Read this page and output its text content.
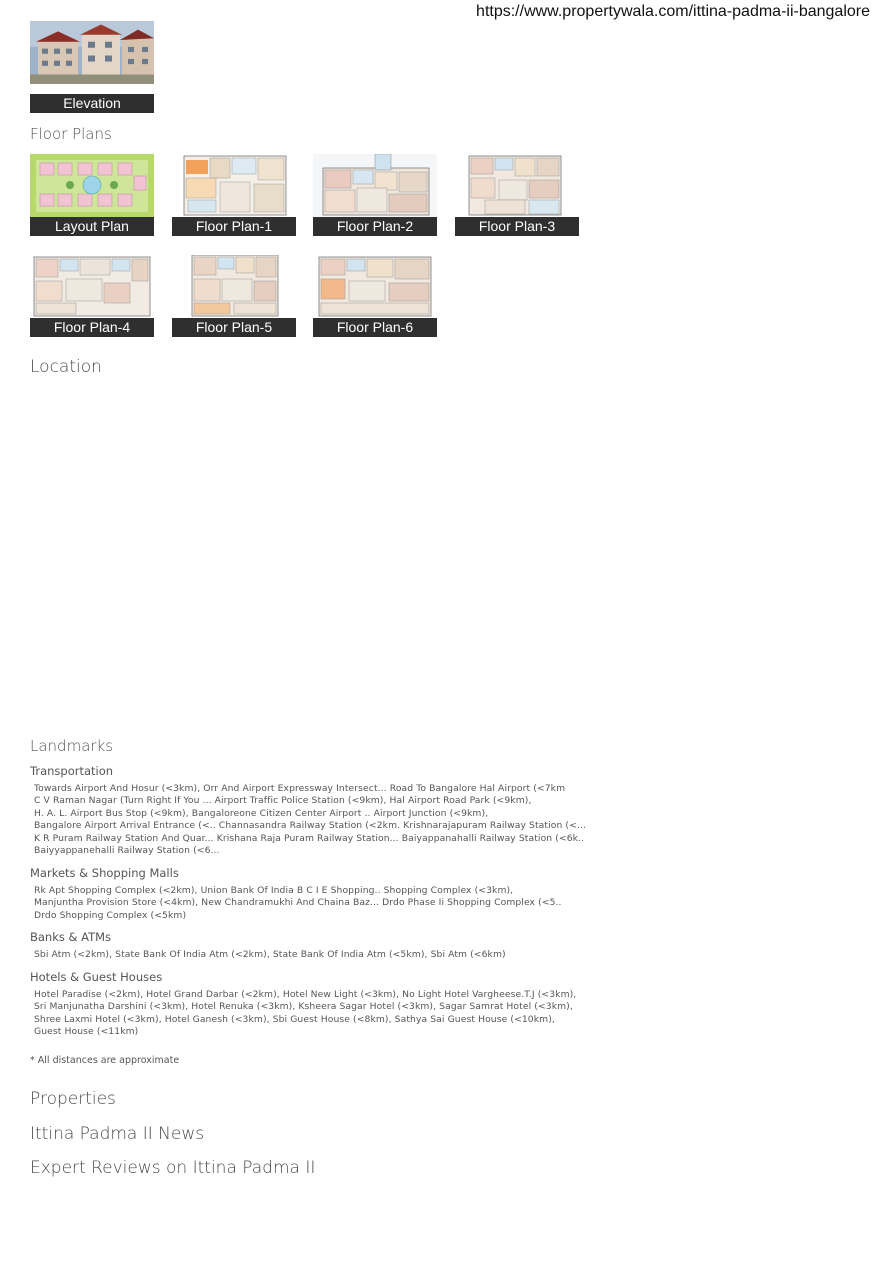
https://www.propertywala.com/ittina-padma-ii-bangalore
Elevation
Floor Plans
Layout Plan	Floor Plan-1	Floor Plan-2	Floor Plan-3
Floor Plan-4	Floor Plan-5	Floor Plan-6
Location
Landmarks
Transportation
Towards Airport And Hosur (<3km), Orr And Airport Expressway Intersect... Road To Bangalore Hal Airport (<7km
C V Raman Nagar (Turn Right If You ... Airport Traffic Police Station (<9km), Hal Airport Road Park (<9km),
H. A. L. Airport Bus Stop (<9km), Bangaloreone Citizen Center Airport .. Airport Junction (<9km),
Bangalore Airport Arrival Entrance (<.. Channasandra Railway Station (<2km. Krishnarajapuram Railway Station (<...
K R Puram Railway Station And Quar... Krishana Raja Puram Railway Station... Baiyappanahalli Railway Station (<6k..
Baiyyappanehalli Railway Station (<6...
Markets & Shopping Malls
Rk Apt Shopping Complex (<2km), Union Bank Of India B C I E Shopping.. Shopping Complex (<3km),
Manjuntha Provision Store (<4km), New Chandramukhi And Chaina Baz... Drdo Phase Ii Shopping Complex (<5..
Drdo Shopping Complex (<5km)
Banks & ATMs
Sbi Atm (<2km), State Bank Of India Atm (<2km), State Bank Of India Atm (<5km), Sbi Atm (<6km)
Hotels & Guest Houses
Hotel Paradise (<2km), Hotel Grand Darbar (<2km), Hotel New Light (<3km), No Light Hotel Vargheese.T.J (<3km),
Sri Manjunatha Darshini (<3km), Hotel Renuka (<3km), Ksheera Sagar Hotel (<3km), Sagar Samrat Hotel (<3km),
Shree Laxmi Hotel (<3km), Hotel Ganesh (<3km), Sbi Guest House (<8km), Sathya Sai Guest House (<10km),
Guest House (<11km)
* All distances are approximate
Properties
Ittina Padma II News
Expert Reviews on Ittina Padma II
